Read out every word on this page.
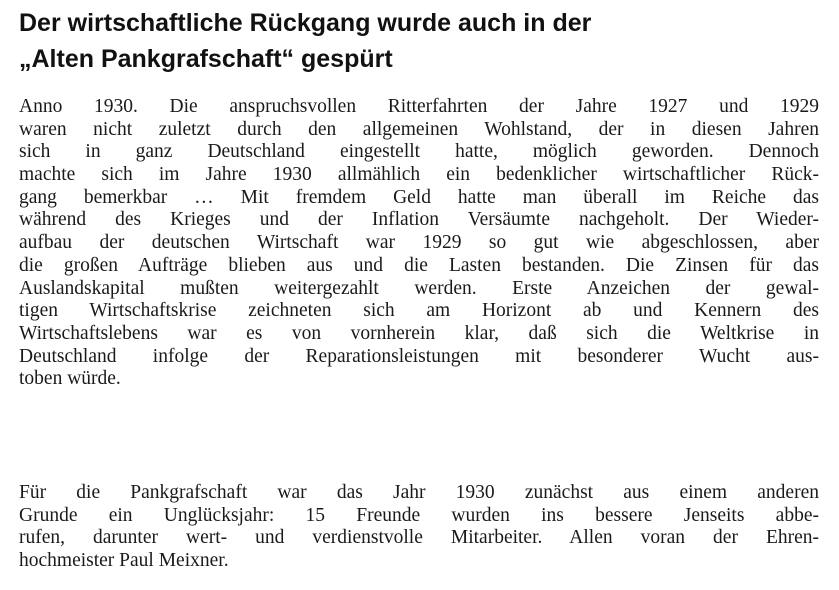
Der wirtschaftliche Rückgang wurde auch in der
„Alten Pankgrafschaft“ gespürt

Anno 1930. Die anspruchsvollen Ritterfahrten der Jahre 1927 und 1929
waren nicht zuletzt durch den allgemeinen Wohlstand, der in diesen Jahren
sich in ganz Deutschland eingestellt hatte, möglich geworden. Dennoch
machte sich im Jahre 1930 allmählich ein bedenklicher wirtschaftlicher Rück-
gang bemerkbar … Mit fremdem Geld hatte man überall im Reiche das
während des Krieges und der Inflation Versäumte nachgeholt. Der Wieder-
aufbau der deutschen Wirtschaft war 1929 so gut wie abgeschlossen, aber
die großen Aufträge blieben aus und die Lasten bestanden. Die Zinsen für das
Auslandskapital mußten weitergezahlt werden. Erste Anzeichen der gewal-
tigen Wirtschaftskrise zeichneten sich am Horizont ab und Kennern des
Wirtschaftslebens war es von vornherein klar, daß sich die Weltkrise in
Deutschland infolge der Reparationsleistungen mit besonderer Wucht aus-
toben würde.

Für die Pankgrafschaft war das Jahr 1930 zunächst aus einem anderen
Grunde ein Unglücksjahr: 15 Freunde wurden ins bessere Jenseits abbe-
rufen, darunter wert- und verdienstvolle Mitarbeiter. Allen voran der Ehren-
hochmeister Paul Meixner.
